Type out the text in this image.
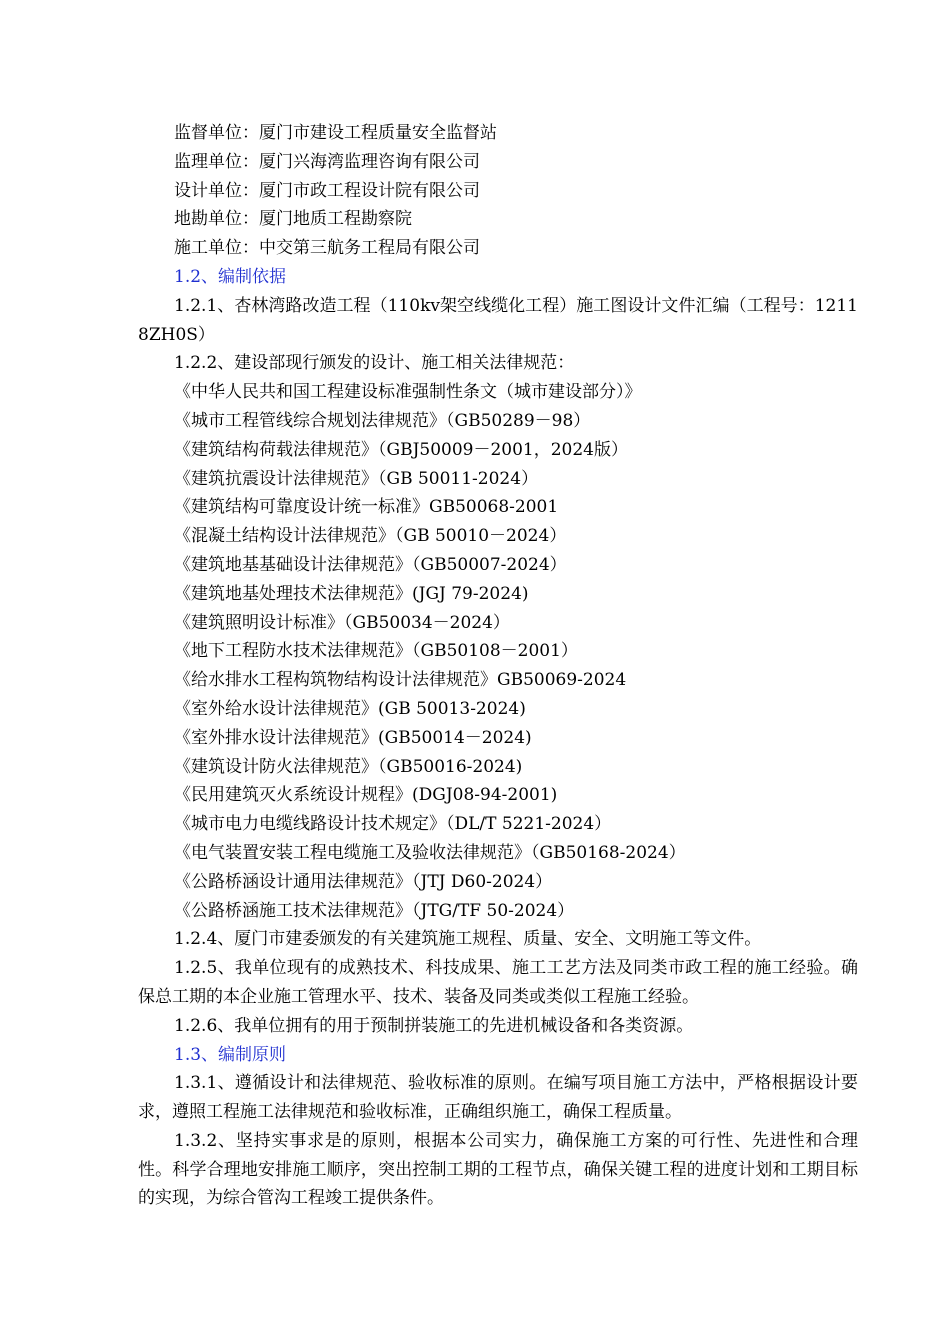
监督单位：厦门市建设工程质量安全监督站

监理单位：厦门兴海湾监理咨询有限公司

设计单位：厦门市政工程设计院有限公司

地勘单位：厦门地质工程勘察院

施工单位：中交第三航务工程局有限公司

1.2、编制依据

1.2.1、杏林湾路改造工程（110kv架空线缆化工程）施工图设计文件汇编（工程号：12118ZH0S）

1.2.2、建设部现行颁发的设计、施工相关法律规范：

《中华人民共和国工程建设标准强制性条文（城市建设部分）》

《城市工程管线综合规划法律规范》（GB50289－98）

《建筑结构荷载法律规范》（GBJ50009－2001，2024版）

《建筑抗震设计法律规范》（GB 50011-2024）

《建筑结构可靠度设计统一标准》GB50068-2001

《混凝土结构设计法律规范》（GB 50010－2024）

《建筑地基基础设计法律规范》（GB50007-2024）

《建筑地基处理技术法律规范》(JGJ 79-2024)

《建筑照明设计标准》（GB50034－2024）

《地下工程防水技术法律规范》（GB50108－2001）

《给水排水工程构筑物结构设计法律规范》GB50069-2024

《室外给水设计法律规范》(GB 50013-2024)

《室外排水设计法律规范》(GB50014－2024)

《建筑设计防火法律规范》（GB50016-2024)

《民用建筑灭火系统设计规程》(DGJ08-94-2001)

《城市电力电缆线路设计技术规定》（DL/T 5221-2024）

《电气装置安装工程电缆施工及验收法律规范》（GB50168-2024）

《公路桥涵设计通用法律规范》（JTJ D60-2024）

《公路桥涵施工技术法律规范》（JTG/TF 50-2024）

1.2.4、厦门市建委颁发的有关建筑施工规程、质量、安全、文明施工等文件。

1.2.5、我单位现有的成熟技术、科技成果、施工工艺方法及同类市政工程的施工经验。确保总工期的本企业施工管理水平、技术、装备及同类或类似工程施工经验。

1.2.6、我单位拥有的用于预制拼装施工的先进机械设备和各类资源。

1.3、编制原则

1.3.1、遵循设计和法律规范、验收标准的原则。在编写项目施工方法中，严格根据设计要求，遵照工程施工法律规范和验收标准，正确组织施工，确保工程质量。

1.3.2、坚持实事求是的原则，根据本公司实力，确保施工方案的可行性、先进性和合理性。科学合理地安排施工顺序，突出控制工期的工程节点，确保关键工程的进度计划和工期目标的实现，为综合管沟工程竣工提供条件。
